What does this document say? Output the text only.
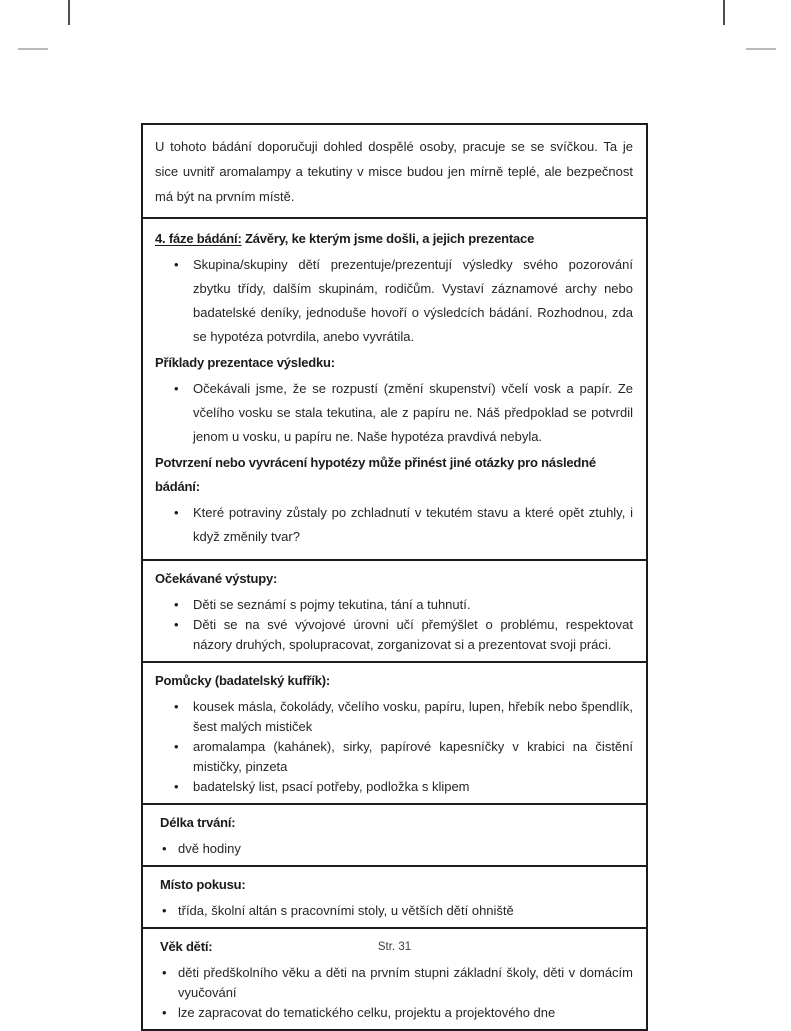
U tohoto bádání doporučuji dohled dospělé osoby, pracuje se se svíčkou. Ta je sice uvnitř aromalampy a tekutiny v misce budou jen mírně teplé, ale bezpečnost má být na prvním místě.

4. fáze bádání: Závěry, ke kterým jsme došli, a jejich prezentace

• Skupina/skupiny dětí prezentuje/prezentují výsledky svého pozorování zbytku třídy, dalším skupinám, rodičům. Vystaví záznamové archy nebo badatelské deníky, jednoduše hovoří o výsledcích bádání. Rozhodnou, zda se hypotéza potvrdila, anebo vyvrátila.

Příklady prezentace výsledku:

• Očekávali jsme, že se rozpustí (změní skupenství) včelí vosk a papír. Ze včelího vosku se stala tekutina, ale z papíru ne. Náš předpoklad se potvrdil jenom u vosku, u papíru ne. Naše hypotéza pravdivá nebyla.

Potvrzení nebo vyvrácení hypotézy může přinést jiné otázky pro následné bádání:

• Které potraviny zůstaly po zchladnutí v tekutém stavu a které opět ztuhly, i když změnily tvar?

Očekávané výstupy:

• Děti se seznámí s pojmy tekutina, tání a tuhnutí.
• Děti se na své vývojové úrovni učí přemýšlet o problému, respektovat názory druhých, spolupracovat, zorganizovat si a prezentovat svoji práci.

Pomůcky (badatelský kufřík):

• kousek másla, čokolády, včelího vosku, papíru, lupen, hřebík nebo špendlík, šest malých mističek
• aromalampa (kahánek), sirky, papírové kapesníčky v krabici na čistění mističky, pinzeta
• badatelský list, psací potřeby, podložka s klipem

Délka trvání:

• dvě hodiny

Místo pokusu:

• třída, školní altán s pracovními stoly, u větších dětí ohniště

Věk dětí:

• děti předškolního věku a děti na prvním stupni základní školy, děti v domácím vyučování
• lze zapracovat do tematického celku, projektu a projektového dne
Str. 31
